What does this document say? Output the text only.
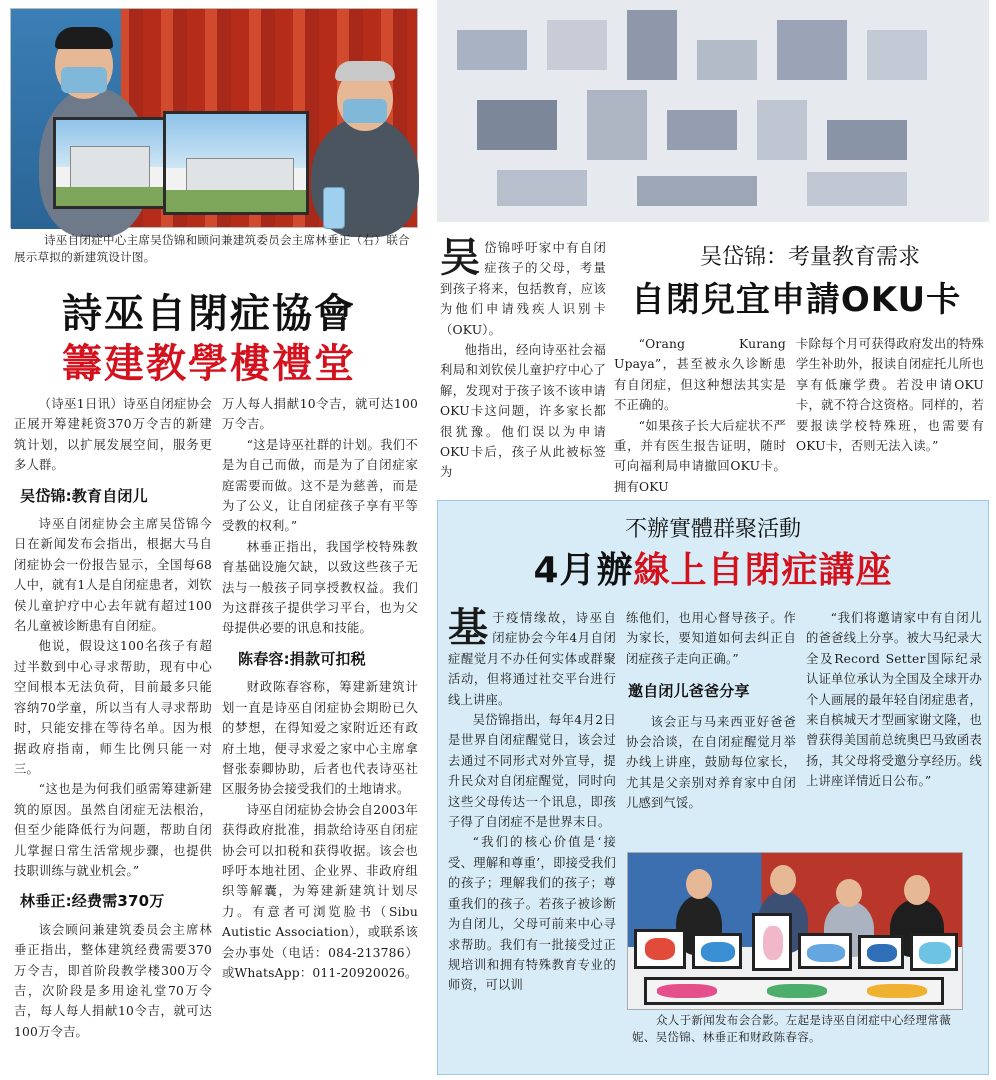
诗巫自闭症中心主席吴岱锦和顾问兼建筑委员会主席林垂正（右）联合展示草拟的新建筑设计图。
詩巫自閉症協會
籌建教學樓禮堂

（诗巫1日讯）诗巫自闭症协会正展开筹建耗资370万令吉的新建筑计划，以扩展发展空间，服务更多人群。

吴岱锦:教育自闭儿

诗巫自闭症协会主席吴岱锦今日在新闻发布会指出，根据大马自闭症协会一份报告显示，全国每68人中，就有1人是自闭症患者，刘钦侯儿童护疗中心去年就有超过100名儿童被诊断患有自闭症。

他说，假设这100名孩子有超过半数到中心寻求帮助，现有中心空间根本无法负荷，目前最多只能容纳70学童，所以当有人寻求帮助时，只能安排在等待名单。因为根据政府指南，师生比例只能一对三。

“这也是为何我们亟需筹建新建筑的原因。虽然自闭症无法根治，但至少能降低行为问题，帮助自闭儿掌握日常生活常规步骤，也提供技职训练与就业机会。”

林垂正:经费需370万

该会顾问兼建筑委员会主席林垂正指出，整体建筑经费需要370万令吉，即首阶段教学楼300万令吉，次阶段是多用途礼堂70万令吉，每人每人捐献10令吉，就可达100万令吉。

万人每人捐献10令吉，就可达100万令吉。

“这是诗巫社群的计划。我们不是为自己而做，而是为了自闭症家庭需要而做。这不是为慈善，而是为了公义，让自闭症孩子享有平等受教的权利。”

林垂正指出，我国学校特殊教育基础设施欠缺，以致这些孩子无法与一般孩子同享授教权益。我们为这群孩子提供学习平台，也为父母提供必要的讯息和技能。

陈春容:捐款可扣税

财政陈春容称，筹建新建筑计划一直是诗巫自闭症协会期盼已久的梦想，在得知爱之家附近还有政府土地，便寻求爱之家中心主席拿督张泰卿协助，后者也代表诗巫社区服务协会接受我们的土地请求。

诗巫自闭症协会协会自2003年获得政府批准，捐款给诗巫自闭症协会可以扣税和获得收据。该会也呼吁本地社团、企业界、非政府组织等解囊，为筹建新建筑计划尽力。有意者可浏览脸书（Sibu Autistic Association），或联系该会办事处（电话：084-213786）或WhatsApp：011-20920026。

吴岱锦：考量教育需求
自閉兒宜申請OKU卡
吴 岱锦呼吁家中有自闭症孩子的父母，考量到孩子将来，包括教育，应该为他们申请残疾人识别卡（OKU）。

他指出，经向诗巫社会福利局和刘钦侯儿童护疗中心了解，发现对于孩子该不该申请OKU卡这问题，许多家长都很犹豫。他们误以为申请OKU卡后，孩子从此被标签为

“Orang Kurang Upaya”，甚至被永久诊断患有自闭症，但这种想法其实是不正确的。

“如果孩子长大后症状不严重，并有医生报告证明，随时可向福利局申请撤回OKU卡。拥有OKU

卡除每个月可获得政府发出的特殊学生补助外，报读自闭症托儿所也享有低廉学费。若没申请OKU卡，就不符合这资格。同样的，若要报读学校特殊班，也需要有OKU卡，否则无法入读。”

不辦實體群聚活動
4月辦線上自閉症講座
基 于疫情缘故，诗巫自闭症协会今年4月自闭症醒觉月不办任何实体或群聚活动，但将通过社交平台进行线上讲座。

吴岱锦指出，每年4月2日是世界自闭症醒觉日，该会过去通过不同形式对外宣导，提升民众对自闭症醒觉，同时向这些父母传达一个讯息，即孩子得了自闭症不是世界末日。

“我们的核心价值是‘接受、理解和尊重’，即接受我们的孩子；理解我们的孩子；尊重我们的孩子。若孩子被诊断为自闭儿，父母可前来中心寻求帮助。我们有一批接受过正规培训和拥有特殊教育专业的师资，可以训

练他们，也用心督导孩子。作为家长，要知道如何去纠正自闭症孩子走向正确。”

邀自闭儿爸爸分享

该会正与马来西亚好爸爸协会洽谈，在自闭症醒觉月举办线上讲座，鼓励每位家长，尤其是父亲别对养育家中自闭儿感到气馁。

“我们将邀请家中有自闭儿的爸爸线上分享。被大马纪录大全及Record Setter国际纪录认证单位承认为全国及全球开办个人画展的最年轻自闭症患者，来自槟城天才型画家谢文隆，也曾获得美国前总统奥巴马致函表扬，其父母将受邀分享经历。线上讲座详情近日公布。”

众人于新闻发布会合影。左起是诗巫自闭症中心经理常薇妮、吴岱锦、林垂正和财政陈春容。
